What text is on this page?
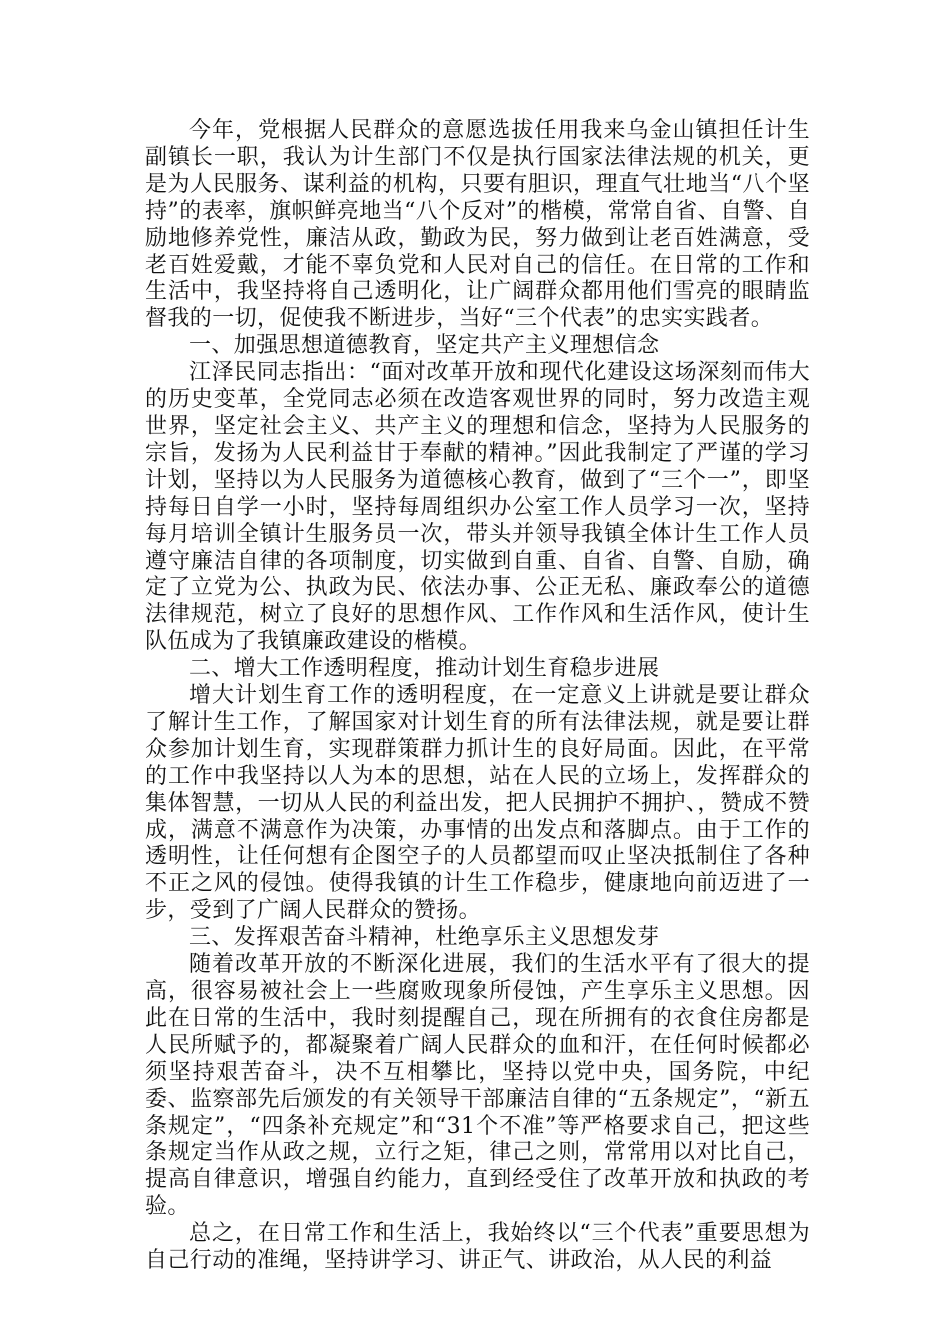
今年，党根据人民群众的意愿选拔任用我来乌金山镇担任计生副镇长一职，我认为计生部门不仅是执行国家法律法规的机关，更是为人民服务、谋利益的机构，只要有胆识，理直气壮地当“八个坚持”的表率，旗帜鲜亮地当“八个反对”的楷模，常常自省、自警、自励地修养党性，廉洁从政，勤政为民，努力做到让老百姓满意，受老百姓爱戴，才能不辜负党和人民对自己的信任。在日常的工作和生活中，我坚持将自己透明化，让广阔群众都用他们雪亮的眼睛监督我的一切，促使我不断进步，当好“三个代表”的忠实实践者。

一、加强思想道德教育，坚定共产主义理想信念

江泽民同志指出：“面对改革开放和现代化建设这场深刻而伟大的历史变革，全党同志必须在改造客观世界的同时，努力改造主观世界，坚定社会主义、共产主义的理想和信念，坚持为人民服务的宗旨，发扬为人民利益甘于奉献的精神。”因此我制定了严谨的学习计划，坚持以为人民服务为道德核心教育，做到了“三个一”，即坚持每日自学一小时，坚持每周组织办公室工作人员学习一次，坚持每月培训全镇计生服务员一次，带头并领导我镇全体计生工作人员遵守廉洁自律的各项制度，切实做到自重、自省、自警、自励，确定了立党为公、执政为民、依法办事、公正无私、廉政奉公的道德法律规范，树立了良好的思想作风、工作作风和生活作风，使计生队伍成为了我镇廉政建设的楷模。

二、增大工作透明程度，推动计划生育稳步进展

增大计划生育工作的透明程度，在一定意义上讲就是要让群众了解计生工作，了解国家对计划生育的所有法律法规，就是要让群众参加计划生育，实现群策群力抓计生的良好局面。因此，在平常的工作中我坚持以人为本的思想，站在人民的立场上，发挥群众的集体智慧，一切从人民的利益出发，把人民拥护不拥护、，赞成不赞成，满意不满意作为决策，办事情的出发点和落脚点。由于工作的透明性，让任何想有企图空子的人员都望而叹止坚决抵制住了各种不正之风的侵蚀。使得我镇的计生工作稳步，健康地向前迈进了一步，受到了广阔人民群众的赞扬。

三、发挥艰苦奋斗精神，杜绝享乐主义思想发芽

随着改革开放的不断深化进展，我们的生活水平有了很大的提高，很容易被社会上一些腐败现象所侵蚀，产生享乐主义思想。因此在日常的生活中，我时刻提醒自己，现在所拥有的衣食住房都是人民所赋予的，都凝聚着广阔人民群众的血和汗，在任何时候都必须坚持艰苦奋斗，决不互相攀比，坚持以党中央，国务院，中纪委、监察部先后颁发的有关领导干部廉洁自律的“五条规定”，“新五条规定”，“四条补充规定”和“31个不准”等严格要求自己，把这些条规定当作从政之规，立行之矩，律己之则，常常用以对比自己，提高自律意识，增强自约能力，直到经受住了改革开放和执政的考验。

总之，在日常工作和生活上，我始终以“三个代表”重要思想为自己行动的准绳，坚持讲学习、讲正气、讲政治，从人民的利益
